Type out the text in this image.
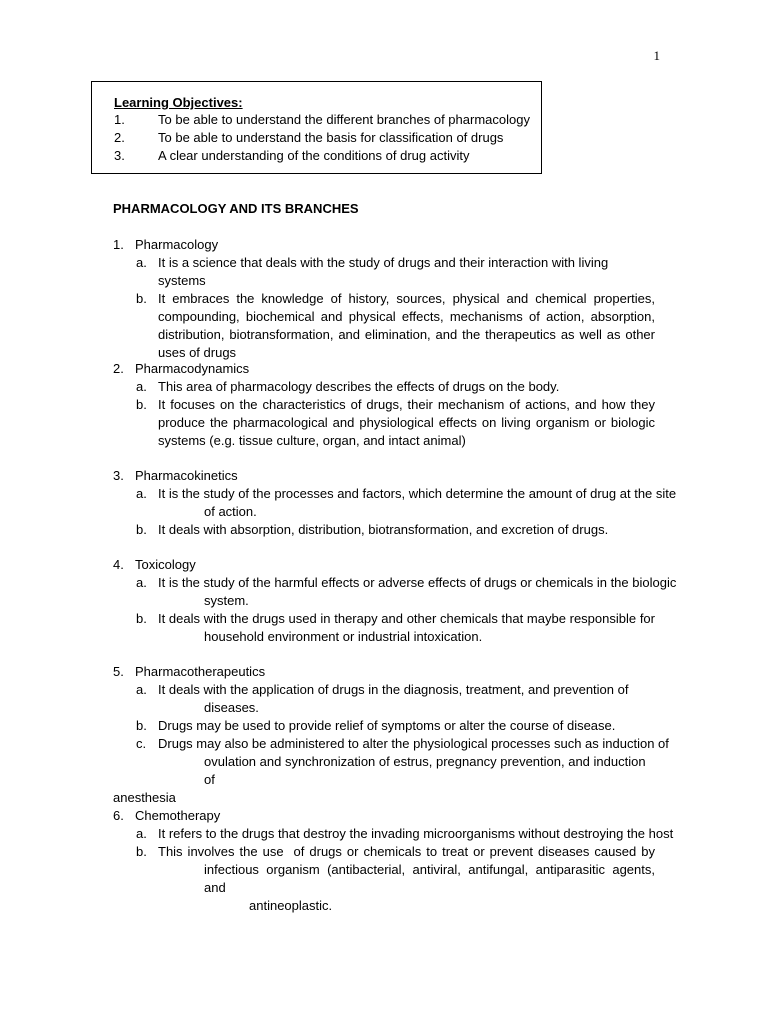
1
Learning Objectives:
1.	To be able to understand the different branches of pharmacology
2.	To be able to understand the basis for classification of drugs
3.	A clear understanding of the conditions of drug activity
PHARMACOLOGY AND ITS BRANCHES
1. Pharmacology
a. It is a science that deals with the study of drugs and their interaction with living systems
b. It embraces the knowledge of history, sources, physical and chemical properties, compounding, biochemical and physical effects, mechanisms of action, absorption, distribution, biotransformation, and elimination, and the therapeutics as well as other uses of drugs
2. Pharmacodynamics
a. This area of pharmacology describes the effects of drugs on the body.
b. It focuses on the characteristics of drugs, their mechanism of actions, and how they produce the pharmacological and physiological effects on living organism or biologic systems (e.g. tissue culture, organ, and intact animal)
3. Pharmacokinetics
a. It is the study of the processes and factors, which determine the amount of drug at the site
of action.
b. It deals with absorption, distribution, biotransformation, and excretion of drugs.
4. Toxicology
a. It is the study of the harmful effects or adverse effects of drugs or chemicals in the biologic
system.
b. It deals with the drugs used in therapy and other chemicals that maybe responsible for
household environment or industrial intoxication.
5. Pharmacotherapeutics
a. It deals with the application of drugs in the diagnosis, treatment, and prevention of
diseases.
b. Drugs may be used to provide relief of symptoms or alter the course of disease.
c. Drugs may also be administered to alter the physiological processes such as induction of
ovulation and synchronization of estrus, pregnancy prevention, and induction of
anesthesia
6. Chemotherapy
a. It refers to the drugs that destroy the invading microorganisms without destroying the host
b. This involves the use  of drugs or chemicals to treat or prevent diseases caused by
infectious organism (antibacterial, antiviral, antifungal, antiparasitic agents, and
antineoplastic.
